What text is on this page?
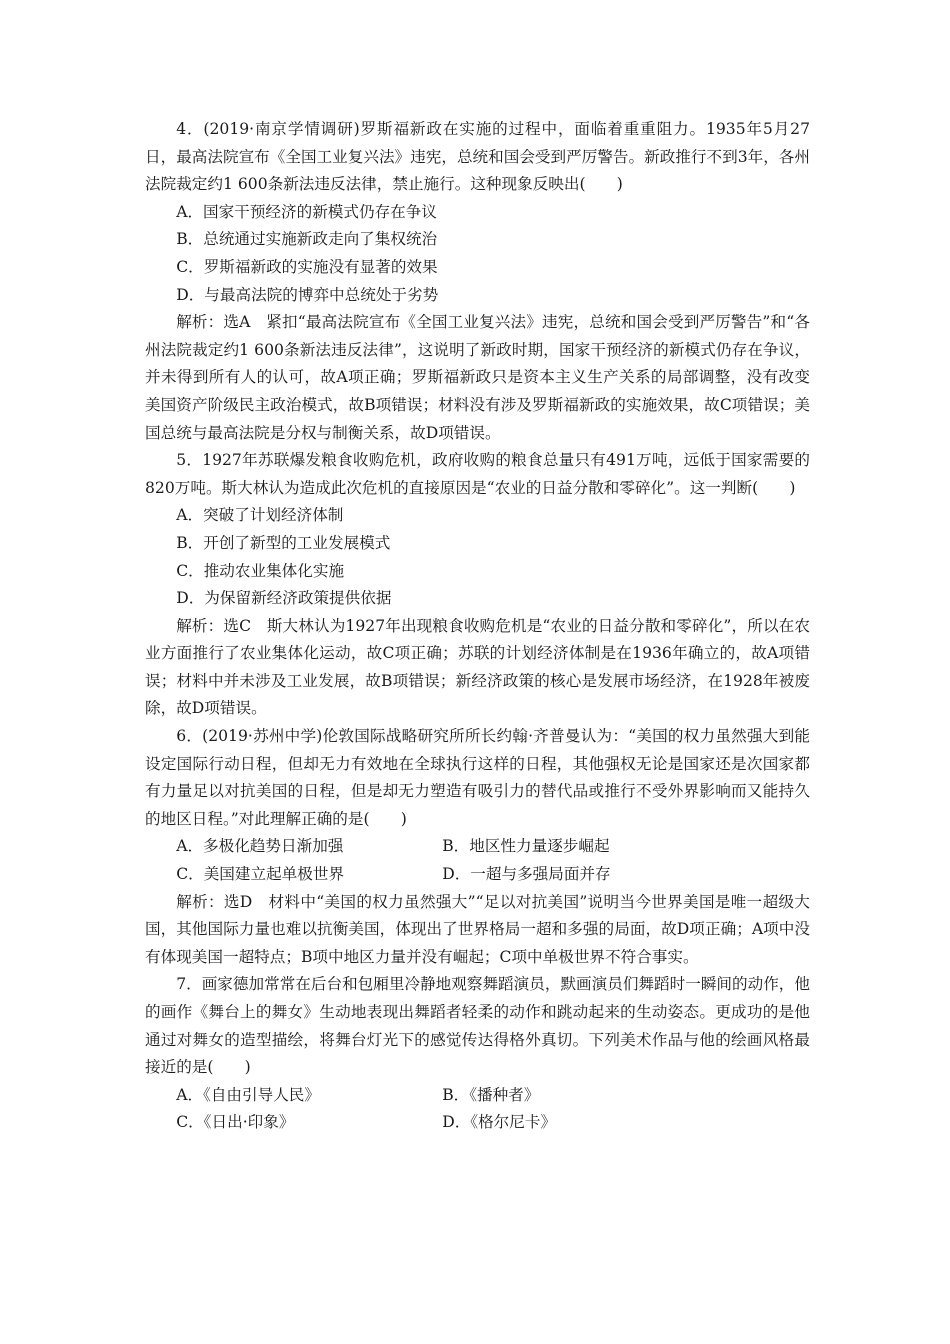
4．(2019·南京学情调研)罗斯福新政在实施的过程中，面临着重重阻力。1935年5月27日，最高法院宣布《全国工业复兴法》违宪，总统和国会受到严厉警告。新政推行不到3年，各州法院裁定约1 600条新法违反法律，禁止施行。这种现象反映出(　　)

A．国家干预经济的新模式仍存在争议

B．总统通过实施新政走向了集权统治

C．罗斯福新政的实施没有显著的效果

D．与最高法院的博弈中总统处于劣势

解析：选A　紧扣“最高法院宣布《全国工业复兴法》违宪，总统和国会受到严厉警告”和“各州法院裁定约1 600条新法违反法律”，这说明了新政时期，国家干预经济的新模式仍存在争议，并未得到所有人的认可，故A项正确；罗斯福新政只是资本主义生产关系的局部调整，没有改变美国资产阶级民主政治模式，故B项错误；材料没有涉及罗斯福新政的实施效果，故C项错误；美国总统与最高法院是分权与制衡关系，故D项错误。

5．1927年苏联爆发粮食收购危机，政府收购的粮食总量只有491万吨，远低于国家需要的820万吨。斯大林认为造成此次危机的直接原因是“农业的日益分散和零碎化”。这一判断(　　)

A．突破了计划经济体制

B．开创了新型的工业发展模式

C．推动农业集体化实施

D．为保留新经济政策提供依据

解析：选C　斯大林认为1927年出现粮食收购危机是“农业的日益分散和零碎化”，所以在农业方面推行了农业集体化运动，故C项正确；苏联的计划经济体制是在1936年确立的，故A项错误；材料中并未涉及工业发展，故B项错误；新经济政策的核心是发展市场经济，在1928年被废除，故D项错误。

6．(2019·苏州中学)伦敦国际战略研究所所长约翰·齐普曼认为：“美国的权力虽然强大到能设定国际行动日程，但却无力有效地在全球执行这样的日程，其他强权无论是国家还是次国家都有力量足以对抗美国的日程，但是却无力塑造有吸引力的替代品或推行不受外界影响而又能持久的地区日程。”对此理解正确的是(　　)

A．多极化趋势日渐加强	B．地区性力量逐步崛起
C．美国建立起单极世界	D．一超与多强局面并存

解析：选D　材料中“美国的权力虽然强大”“足以对抗美国”说明当今世界美国是唯一超级大国，其他国际力量也难以抗衡美国，体现出了世界格局一超和多强的局面，故D项正确；A项中没有体现美国一超特点；B项中地区力量并没有崛起；C项中单极世界不符合事实。

7．画家德加常常在后台和包厢里冷静地观察舞蹈演员，默画演员们舞蹈时一瞬间的动作，他的画作《舞台上的舞女》生动地表现出舞蹈者轻柔的动作和跳动起来的生动姿态。更成功的是他通过对舞女的造型描绘，将舞台灯光下的感觉传达得格外真切。下列美术作品与他的绘画风格最接近的是(　　)

A．《自由引导人民》	B．《播种者》
C．《日出·印象》	D．《格尔尼卡》
